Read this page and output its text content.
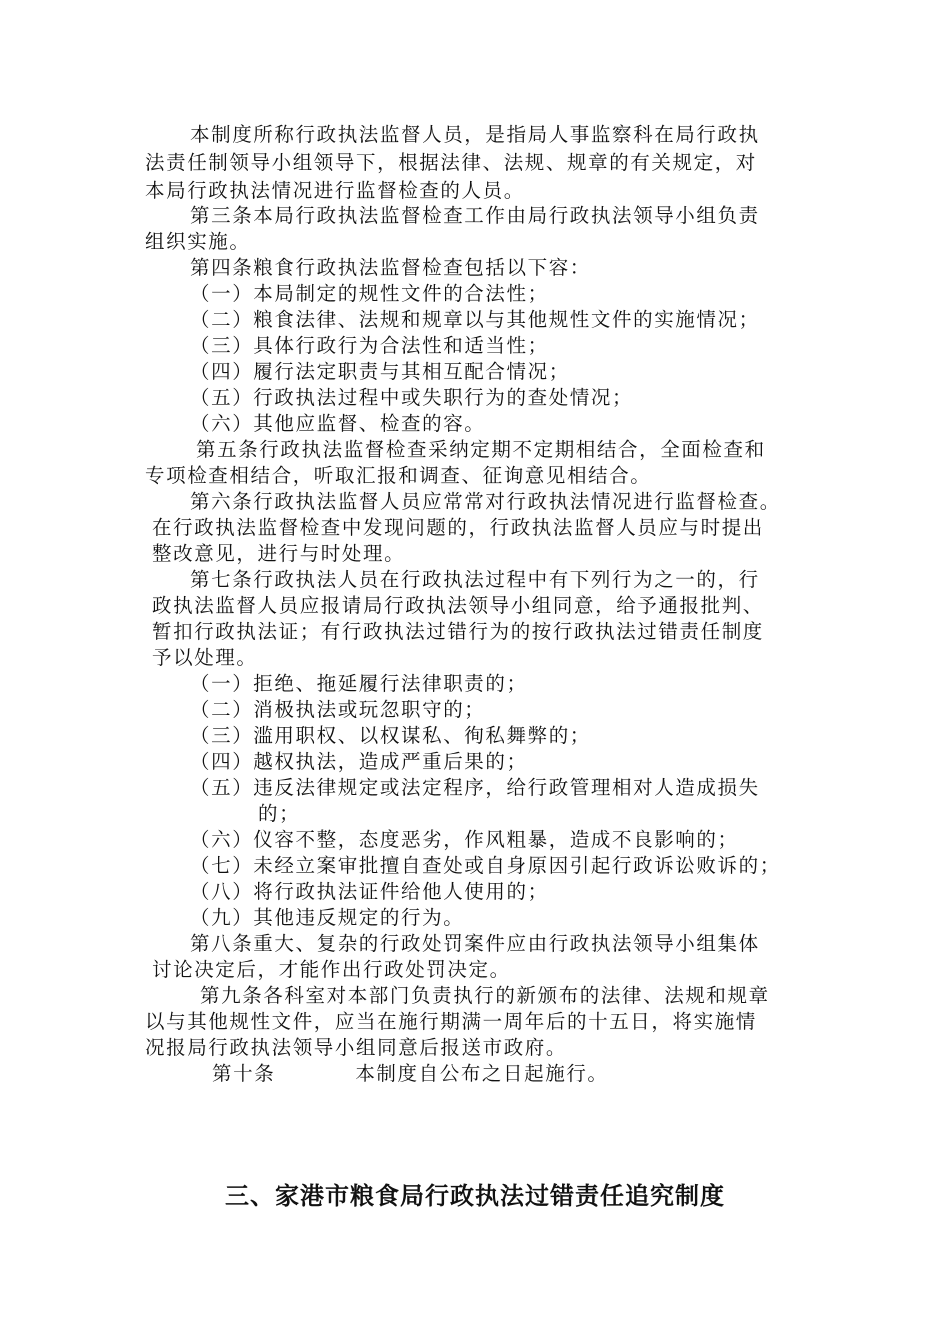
本制度所称行政执法监督人员，是指局人事监察科在局行政执
法责任制领导小组领导下，根据法律、法规、规章的有关规定，对
本局行政执法情况进行监督检查的人员。
第三条本局行政执法监督检查工作由局行政执法领导小组负责
组织实施。
第四条粮食行政执法监督检查包括以下容：
（一）本局制定的规性文件的合法性；
（二）粮食法律、法规和规章以与其他规性文件的实施情况；
（三）具体行政行为合法性和适当性；
（四）履行法定职责与其相互配合情况；
（五）行政执法过程中或失职行为的查处情况；
（六）其他应监督、检查的容。
第五条行政执法监督检查采纳定期不定期相结合，全面检查和
专项检查相结合，听取汇报和调查、征询意见相结合。
第六条行政执法监督人员应常常对行政执法情况进行监督检查。
在行政执法监督检查中发现问题的，行政执法监督人员应与时提出
整改意见，进行与时处理。
第七条行政执法人员在行政执法过程中有下列行为之一的，行
政执法监督人员应报请局行政执法领导小组同意，给予通报批判、
暂扣行政执法证；有行政执法过错行为的按行政执法过错责任制度
予以处理。
（一）拒绝、拖延履行法律职责的；
（二）消极执法或玩忽职守的；
（三）滥用职权、以权谋私、徇私舞弊的；
（四）越权执法，造成严重后果的；
（五）违反法律规定或法定程序，给行政管理相对人造成损失
的；
（六）仪容不整，态度恶劣，作风粗暴，造成不良影响的；
（七）未经立案审批擅自查处或自身原因引起行政诉讼败诉的；
（八）将行政执法证件给他人使用的；
（九）其他违反规定的行为。
第八条重大、复杂的行政处罚案件应由行政执法领导小组集体
讨论决定后，才能作出行政处罚决定。
第九条各科室对本部门负责执行的新颁布的法律、法规和规章
以与其他规性文件，应当在施行期满一周年后的十五日，将实施情
况报局行政执法领导小组同意后报送市政府。
第十条	本制度自公布之日起施行。
三、家港市粮食局行政执法过错责任追究制度
